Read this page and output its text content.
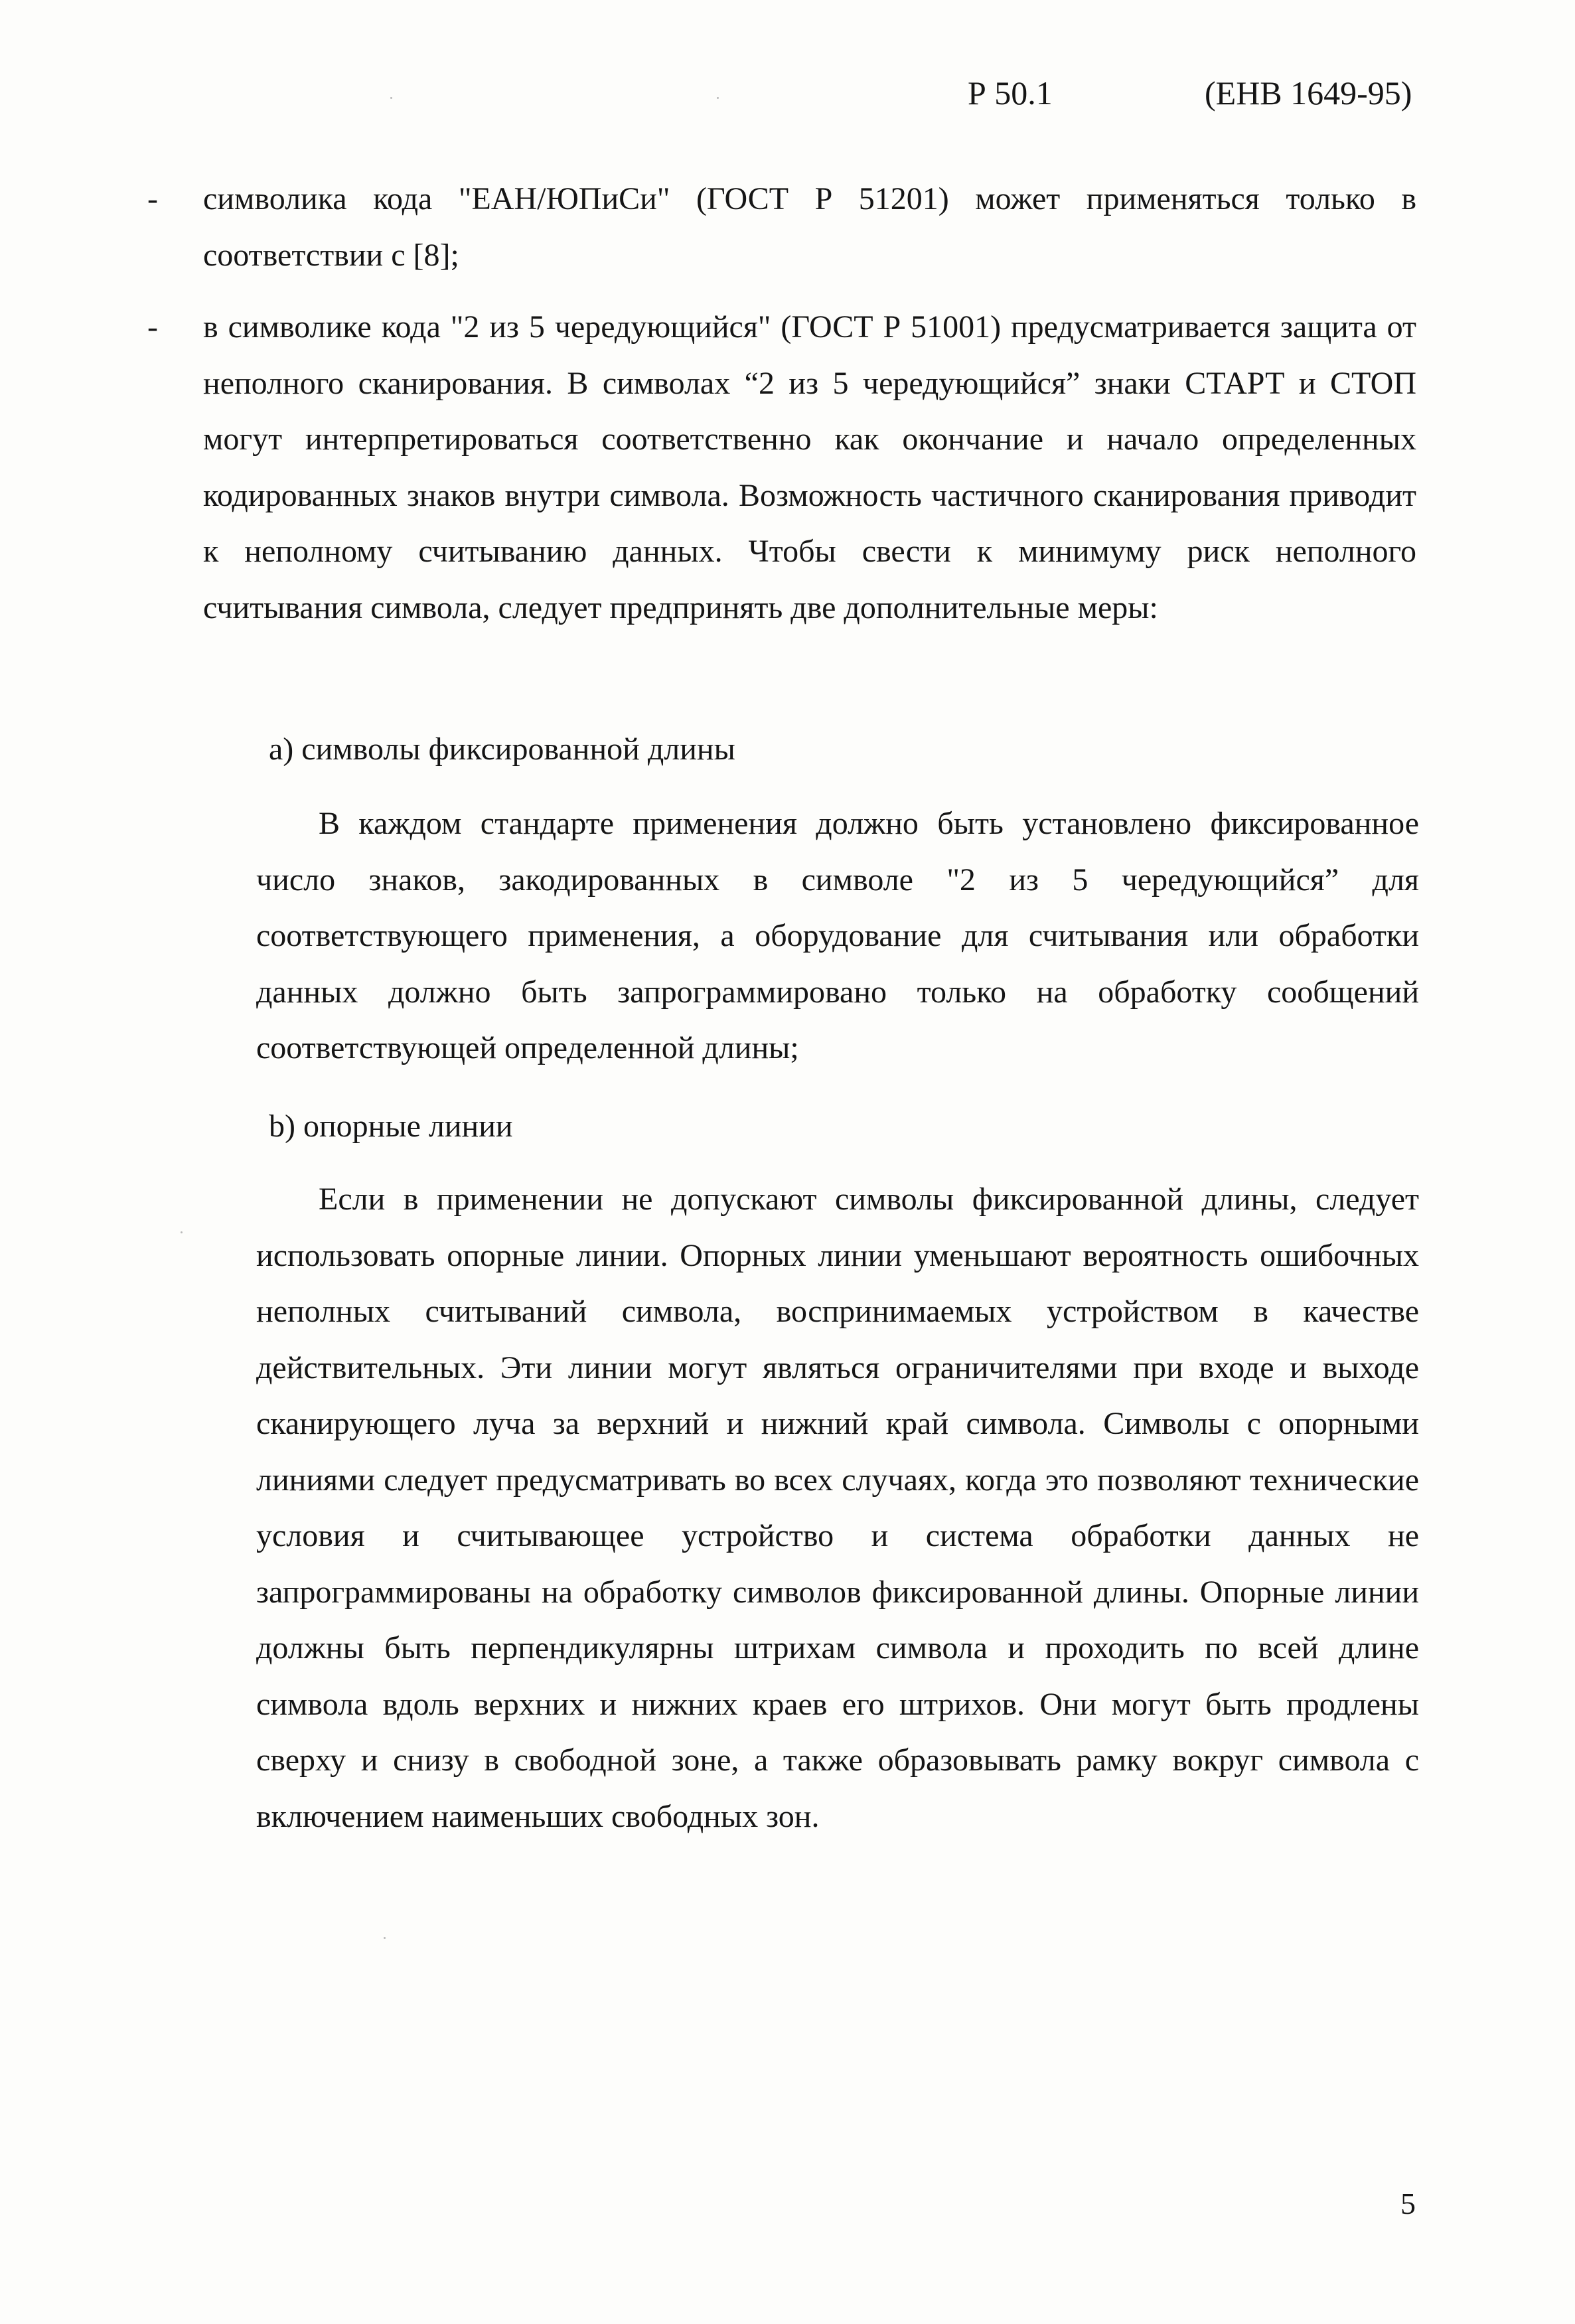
Р 50.1	(ЕНВ 1649-95)
- символика кода "ЕАН/ЮПиСи" (ГОСТ Р 51201) может применяться только в соответствии с [8];

- в символике кода "2 из 5 чередующийся" (ГОСТ Р 51001) предусматривается защита от неполного сканирования. В символах “2 из 5 чередующийся” знаки СТАРТ и СТОП могут интерпретироваться соответственно как окончание и начало определенных кодированных знаков внутри символа. Возможность частичного сканирования приводит к неполному считыванию данных. Чтобы свести к минимуму риск неполного считывания символа, следует предпринять две дополнительные меры:

а) символы фиксированной длины

В каждом стандарте применения должно быть установлено фиксированное число знаков, закодированных в символе "2 из 5 чередующийся” для соответствующего применения, а оборудование для считывания или обработки данных должно быть запрограммировано только на обработку сообщений соответствующей определенной длины;

b) опорные линии

Если в применении не допускают символы фиксированной длины, следует использовать опорные линии. Опорных линии уменьшают вероятность ошибочных неполных считываний символа, воспринимаемых устройством в качестве действительных. Эти линии могут являться ограничителями при входе и выходе сканирующего луча за верхний и нижний край символа. Символы с опорными линиями следует предусматривать во всех случаях, когда это позволяют технические условия и считывающее устройство и система обработки данных не запрограммированы на обработку символов фиксированной длины. Опорные линии должны быть перпендикулярны штрихам символа и проходить по всей длине символа вдоль верхних и нижних краев его штрихов. Они могут быть продлены сверху и снизу в свободной зоне, а также образовывать рамку вокруг символа с включением наименьших свободных зон.

5
